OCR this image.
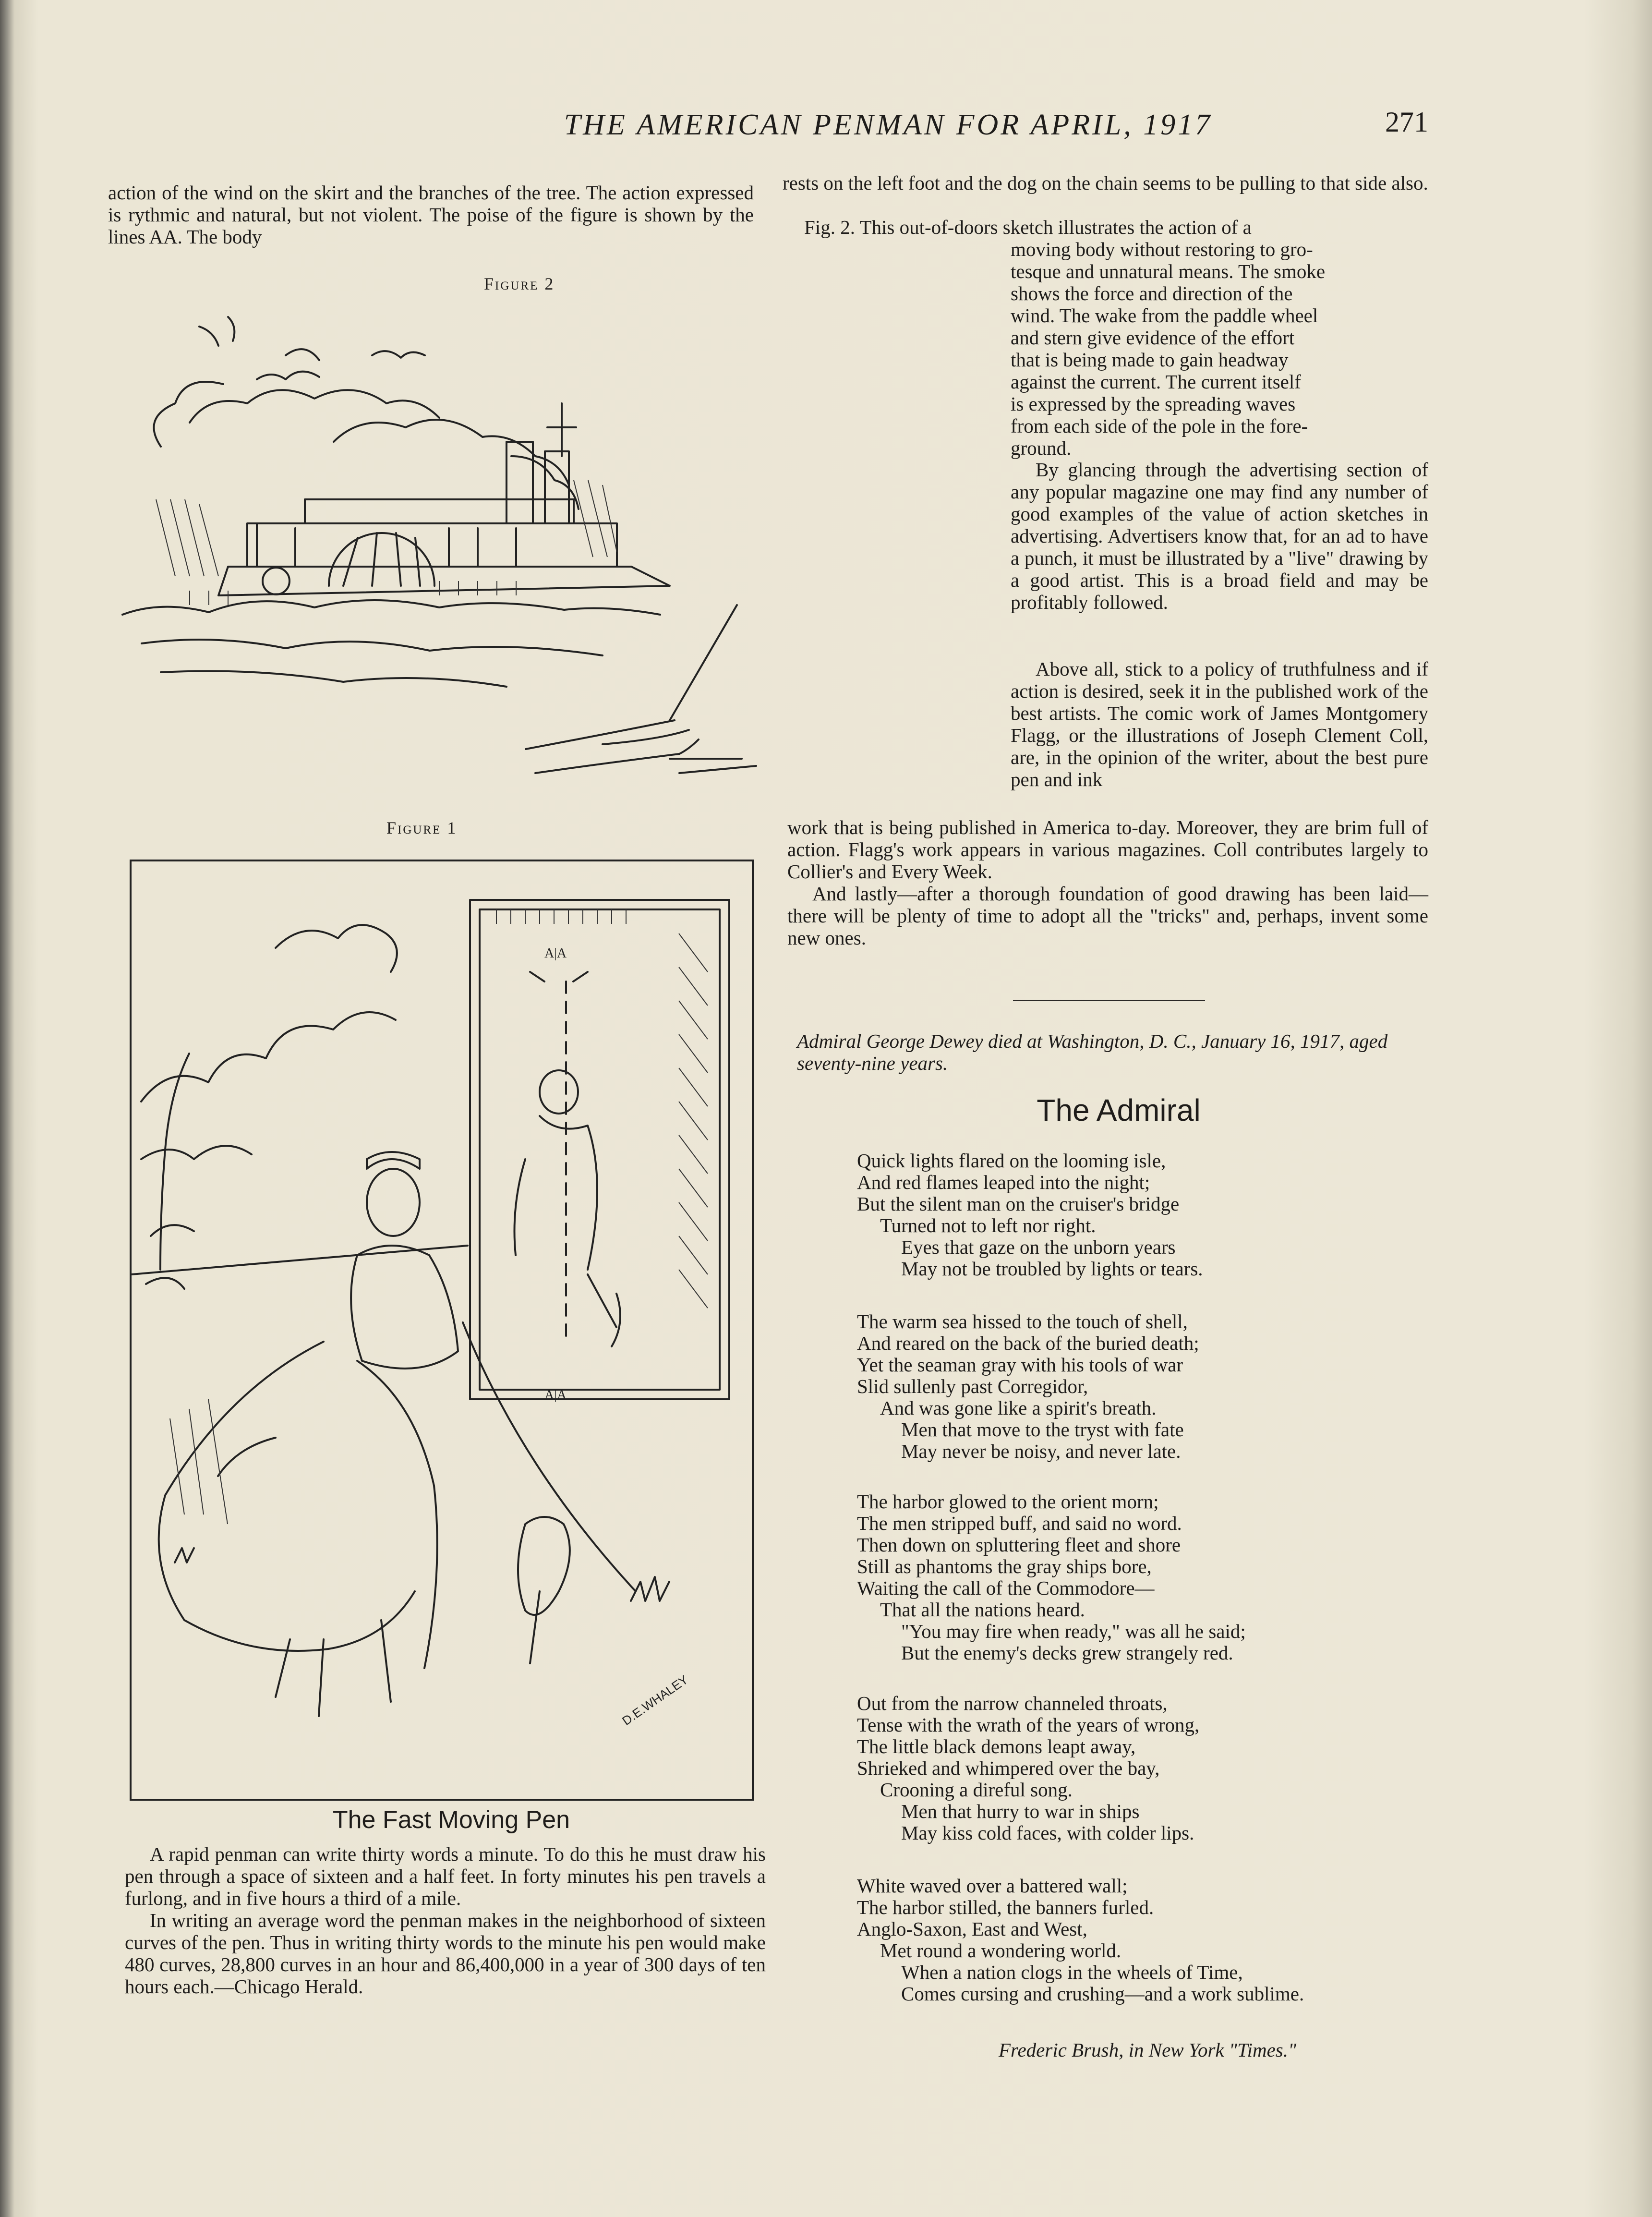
THE AMERICAN PENMAN FOR APRIL, 1917	271

action of the wind on the skirt and the branches of the tree. The action expressed is rythmic and natural, but not violent. The poise of the figure is shown by the lines AA. The body

Figure 2
Figure 1
A|A
A|A
D.E.WHALEY
The Fast Moving Pen

A rapid penman can write thirty words a minute. To do this he must draw his pen through a space of sixteen and a half feet. In forty minutes his pen travels a furlong, and in five hours a third of a mile.

In writing an average word the penman makes in the neighborhood of sixteen curves of the pen. Thus in writing thirty words to the minute his pen would make 480 curves, 28,800 curves in an hour and 86,400,000 in a year of 300 days of ten hours each.—Chicago Herald.

rests on the left foot and the dog on the chain seems to be pulling to that side also.

Fig. 2. This out-of-doors sketch illustrates the action of a
moving body without restoring to gro-
tesque and unnatural means. The smoke
shows the force and direction of the
wind. The wake from the paddle wheel
and stern give evidence of the effort
that is being made to gain headway
against the current. The current itself
is expressed by the spreading waves
from each side of the pole in the fore-
ground.

By glancing through the advertising section of any popular magazine one may find any number of good examples of the value of action sketches in advertising. Advertisers know that, for an ad to have a punch, it must be illustrated by a "live" drawing by a good artist. This is a broad field and may be profitably followed.

Above all, stick to a policy of truthfulness and if action is desired, seek it in the published work of the best artists. The comic work of James Montgomery Flagg, or the illustrations of Joseph Clement Coll, are, in the opinion of the writer, about the best pure pen and ink

work that is being published in America to-day. Moreover, they are brim full of action. Flagg's work appears in various magazines. Coll contributes largely to Collier's and Every Week.

And lastly—after a thorough foundation of good drawing has been laid—there will be plenty of time to adopt all the "tricks" and, perhaps, invent some new ones.

Admiral George Dewey died at Washington, D. C., January 16, 1917, aged seventy-nine years.
The Admiral
Quick lights flared on the looming isle,
And red flames leaped into the night;
But the silent man on the cruiser's bridge
Turned not to left nor right.
Eyes that gaze on the unborn years
May not be troubled by lights or tears.
The warm sea hissed to the touch of shell,
And reared on the back of the buried death;
Yet the seaman gray with his tools of war
Slid sullenly past Corregidor,
And was gone like a spirit's breath.
Men that move to the tryst with fate
May never be noisy, and never late.
The harbor glowed to the orient morn;
The men stripped buff, and said no word.
Then down on spluttering fleet and shore
Still as phantoms the gray ships bore,
Waiting the call of the Commodore—
That all the nations heard.
"You may fire when ready," was all he said;
But the enemy's decks grew strangely red.
Out from the narrow channeled throats,
Tense with the wrath of the years of wrong,
The little black demons leapt away,
Shrieked and whimpered over the bay,
Crooning a direful song.
Men that hurry to war in ships
May kiss cold faces, with colder lips.
White waved over a battered wall;
The harbor stilled, the banners furled.
Anglo-Saxon, East and West,
Met round a wondering world.
When a nation clogs in the wheels of Time,
Comes cursing and crushing—and a work sublime.
Frederic Brush, in New York "Times."
